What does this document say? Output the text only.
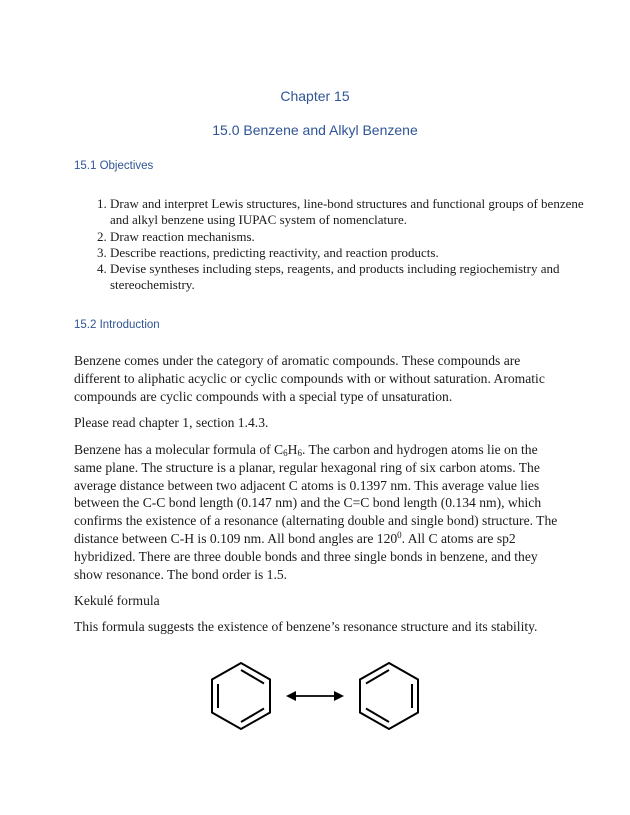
Chapter 15
15.0 Benzene and Alkyl Benzene
15.1 Objectives
1. Draw and interpret Lewis structures, line-bond structures and functional groups of benzene and alkyl benzene using IUPAC system of nomenclature.
2. Draw reaction mechanisms.
3. Describe reactions, predicting reactivity, and reaction products.
4. Devise syntheses including steps, reagents, and products including regiochemistry and stereochemistry.
15.2 Introduction

Benzene comes under the category of aromatic compounds. These compounds are different to aliphatic acyclic or cyclic compounds with or without saturation. Aromatic compounds are cyclic compounds with a special type of unsaturation.

Please read chapter 1, section 1.4.3.

Benzene has a molecular formula of $C_6H_6$. The carbon and hydrogen atoms lie on the same plane. The structure is a planar, regular hexagonal ring of six carbon atoms. The average distance between two adjacent C atoms is 0.1397 nm. This average value lies between the C-C bond length (0.147 nm) and the C=C bond length (0.134 nm), which confirms the existence of a resonance (alternating double and single bond) structure. The distance between C-H is 0.109 nm. All bond angles are $120^0$. All C atoms are sp2 hybridized. There are three double bonds and three single bonds in benzene, and they show resonance. The bond order is 1.5.

Kekulé formula

This formula suggests the existence of benzene’s resonance structure and its stability.
